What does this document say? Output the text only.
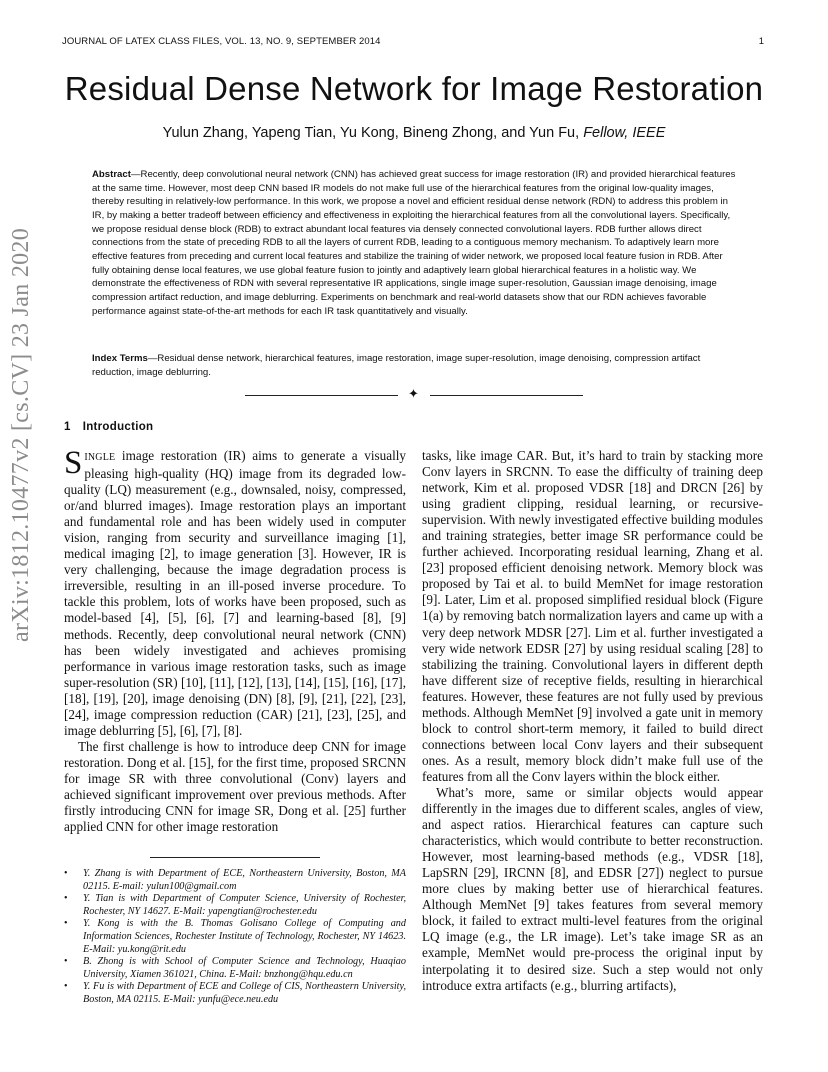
JOURNAL OF LATEX CLASS FILES, VOL. 13, NO. 9, SEPTEMBER 2014	1
arXiv:1812.10477v2 [cs.CV] 23 Jan 2020
Residual Dense Network for Image Restoration
Yulun Zhang, Yapeng Tian, Yu Kong, Bineng Zhong, and Yun Fu, Fellow, IEEE
Abstract—Recently, deep convolutional neural network (CNN) has achieved great success for image restoration (IR) and provided hierarchical features at the same time. However, most deep CNN based IR models do not make full use of the hierarchical features from the original low-quality images, thereby resulting in relatively-low performance. In this work, we propose a novel and efficient residual dense network (RDN) to address this problem in IR, by making a better tradeoff between efficiency and effectiveness in exploiting the hierarchical features from all the convolutional layers. Specifically, we propose residual dense block (RDB) to extract abundant local features via densely connected convolutional layers. RDB further allows direct connections from the state of preceding RDB to all the layers of current RDB, leading to a contiguous memory mechanism. To adaptively learn more effective features from preceding and current local features and stabilize the training of wider network, we proposed local feature fusion in RDB. After fully obtaining dense local features, we use global feature fusion to jointly and adaptively learn global hierarchical features in a holistic way. We demonstrate the effectiveness of RDN with several representative IR applications, single image super-resolution, Gaussian image denoising, image compression artifact reduction, and image deblurring. Experiments on benchmark and real-world datasets show that our RDN achieves favorable performance against state-of-the-art methods for each IR task quantitatively and visually.
Index Terms—Residual dense network, hierarchical features, image restoration, image super-resolution, image denoising, compression artifact reduction, image deblurring.
✦
1 Introduction

SINGLE image restoration (IR) aims to generate a visually pleasing high-quality (HQ) image from its degraded low-quality (LQ) measurement (e.g., downsaled, noisy, compressed, or/and blurred images). Image restoration plays an important and fundamental role and has been widely used in computer vision, ranging from security and surveillance imaging [1], medical imaging [2], to image generation [3]. However, IR is very challenging, because the image degradation process is irreversible, resulting in an ill-posed inverse procedure. To tackle this problem, lots of works have been proposed, such as model-based [4], [5], [6], [7] and learning-based [8], [9] methods. Recently, deep convolutional neural network (CNN) has been widely investigated and achieves promising performance in various image restoration tasks, such as image super-resolution (SR) [10], [11], [12], [13], [14], [15], [16], [17], [18], [19], [20], image denoising (DN) [8], [9], [21], [22], [23], [24], image compression reduction (CAR) [21], [23], [25], and image deblurring [5], [6], [7], [8].

The first challenge is how to introduce deep CNN for image restoration. Dong et al. [15], for the first time, proposed SRCNN for image SR with three convolutional (Conv) layers and achieved significant improvement over previous methods. After firstly introducing CNN for image SR, Dong et al. [25] further applied CNN for other image restoration

tasks, like image CAR. But, it’s hard to train by stacking more Conv layers in SRCNN. To ease the difficulty of training deep network, Kim et al. proposed VDSR [18] and DRCN [26] by using gradient clipping, residual learning, or recursive-supervision. With newly investigated effective building modules and training strategies, better image SR performance could be further achieved. Incorporating residual learning, Zhang et al. [23] proposed efficient denoising network. Memory block was proposed by Tai et al. to build MemNet for image restoration [9]. Later, Lim et al. proposed simplified residual block (Figure 1(a) by removing batch normalization layers and came up with a very deep network MDSR [27]. Lim et al. further investigated a very wide network EDSR [27] by using residual scaling [28] to stabilizing the training. Convolutional layers in different depth have different size of receptive fields, resulting in hierarchical features. However, these features are not fully used by previous methods. Although MemNet [9] involved a gate unit in memory block to control short-term memory, it failed to build direct connections between local Conv layers and their subsequent ones. As a result, memory block didn’t make full use of the features from all the Conv layers within the block either.

What’s more, same or similar objects would appear differently in the images due to different scales, angles of view, and aspect ratios. Hierarchical features can capture such characteristics, which would contribute to better reconstruction. However, most learning-based methods (e.g., VDSR [18], LapSRN [29], IRCNN [8], and EDSR [27]) neglect to pursue more clues by making better use of hierarchical features. Although MemNet [9] takes features from several memory block, it failed to extract multi-level features from the original LQ image (e.g., the LR image). Let’s take image SR as an example, MemNet would pre-process the original input by interpolating it to desired size. Such a step would not only introduce extra artifacts (e.g., blurring artifacts),

• Y. Zhang is with Department of ECE, Northeastern University, Boston, MA 02115. E-mail: yulun100@gmail.com
• Y. Tian is with Department of Computer Science, University of Rochester, Rochester, NY 14627. E-Mail: yapengtian@rochester.edu
• Y. Kong is with the B. Thomas Golisano College of Computing and Information Sciences, Rochester Institute of Technology, Rochester, NY 14623. E-Mail: yu.kong@rit.edu
• B. Zhong is with School of Computer Science and Technology, Huaqiao University, Xiamen 361021, China. E-Mail: bnzhong@hqu.edu.cn
• Y. Fu is with Department of ECE and College of CIS, Northeastern University, Boston, MA 02115. E-Mail: yunfu@ece.neu.edu
